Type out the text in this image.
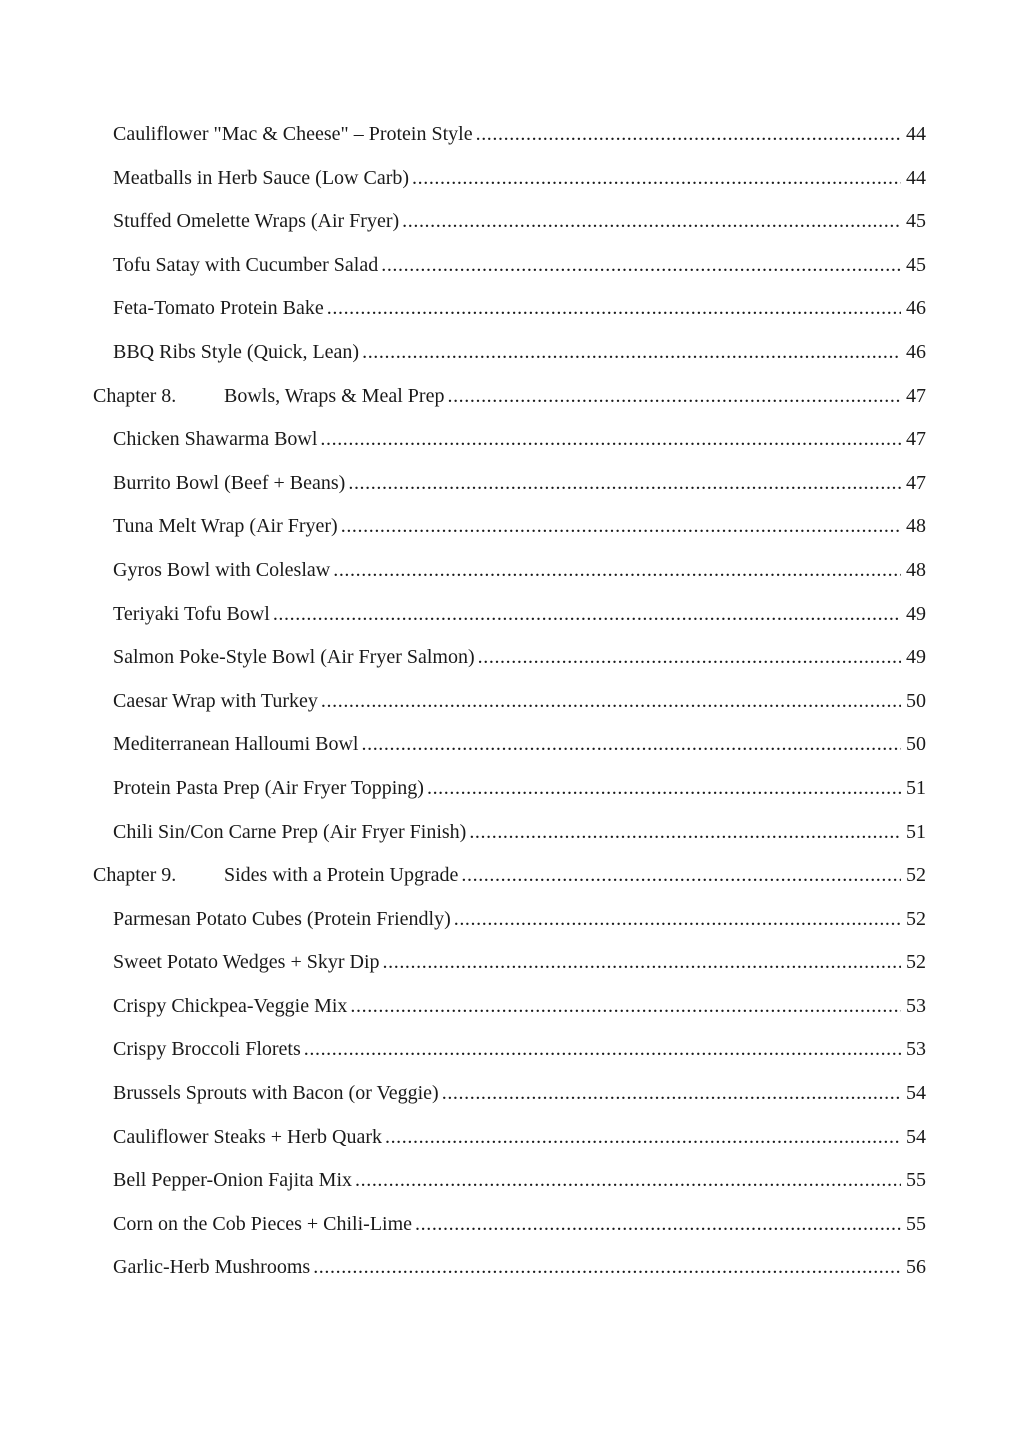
Cauliflower "Mac & Cheese" – Protein Style . . .	44
Meatballs in Herb Sauce (Low Carb) . . .	44
Stuffed Omelette Wraps (Air Fryer) . . .	45
Tofu Satay with Cucumber Salad . . .	45
Feta-Tomato Protein Bake . . .	46
BBQ Ribs Style (Quick, Lean) . . .	46
Chapter 8.	Bowls, Wraps & Meal Prep . . .	47
Chicken Shawarma Bowl . . .	47
Burrito Bowl (Beef + Beans) . . .	47
Tuna Melt Wrap (Air Fryer) . . .	48
Gyros Bowl with Coleslaw . . .	48
Teriyaki Tofu Bowl . . .	49
Salmon Poke-Style Bowl (Air Fryer Salmon) . . .	49
Caesar Wrap with Turkey . . .	50
Mediterranean Halloumi Bowl . . .	50
Protein Pasta Prep (Air Fryer Topping) . . .	51
Chili Sin/Con Carne Prep (Air Fryer Finish) . . .	51
Chapter 9.	Sides with a Protein Upgrade . . .	52
Parmesan Potato Cubes (Protein Friendly) . . .	52
Sweet Potato Wedges + Skyr Dip . . .	52
Crispy Chickpea-Veggie Mix . . .	53
Crispy Broccoli Florets . . .	53
Brussels Sprouts with Bacon (or Veggie) . . .	54
Cauliflower Steaks + Herb Quark . . .	54
Bell Pepper-Onion Fajita Mix . . .	55
Corn on the Cob Pieces + Chili-Lime . . .	55
Garlic-Herb Mushrooms . . .	56
